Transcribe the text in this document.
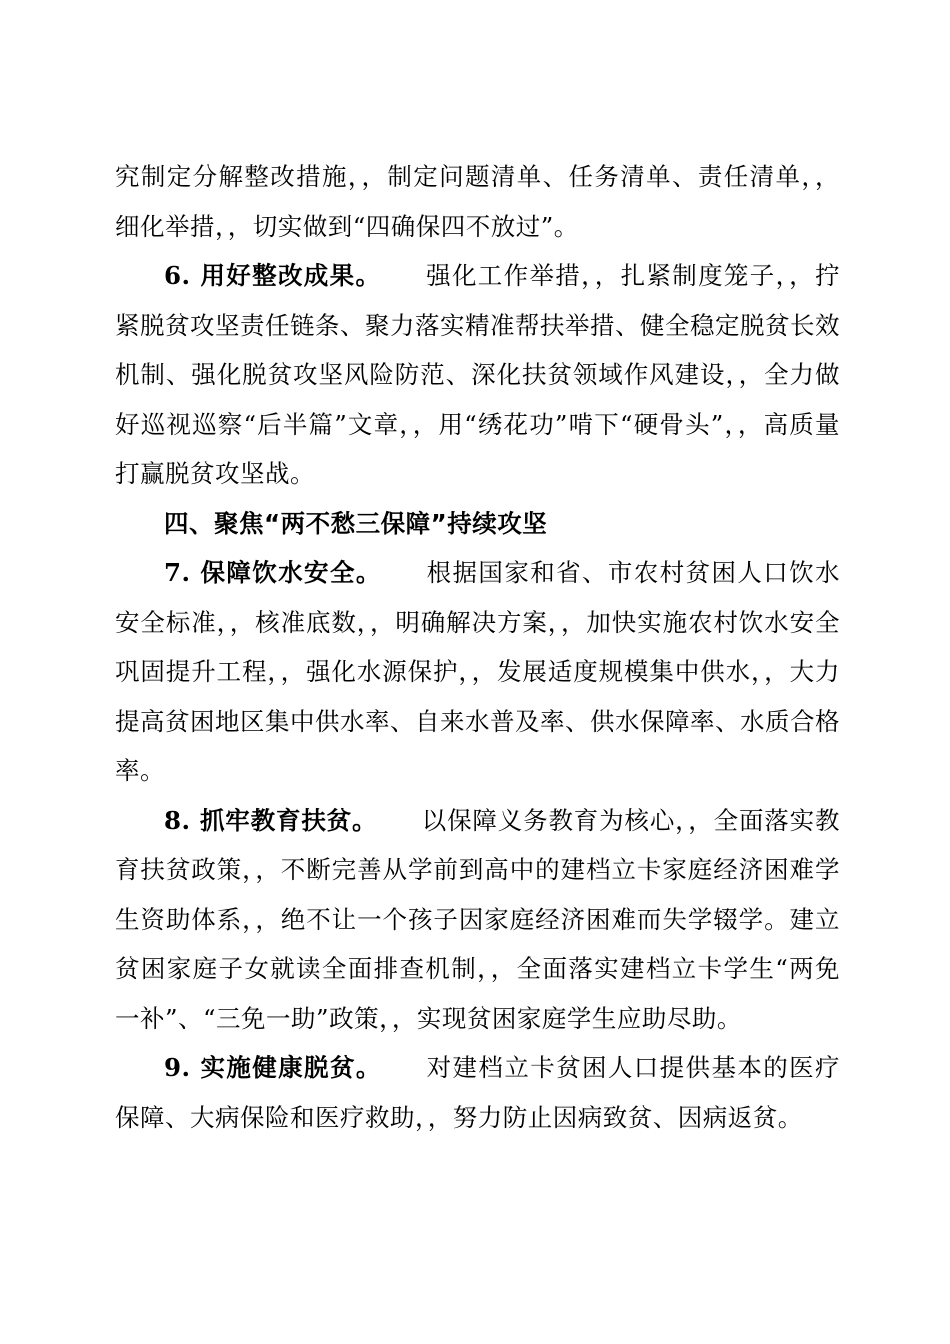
究制定分解整改措施，，制定问题清单、任务清单、责任清单，，细化举措，，切实做到“四确保四不放过”。

6. 用好整改成果。 强化工作举措，，扎紧制度笼子，，拧紧脱贫攻坚责任链条、聚力落实精准帮扶举措、健全稳定脱贫长效机制、强化脱贫攻坚风险防范、深化扶贫领域作风建设，，全力做好巡视巡察“后半篇”文章，，用“绣花功”啃下“硬骨头”，，高质量打赢脱贫攻坚战。

四、聚焦“两不愁三保障”持续攻坚

7. 保障饮水安全。 根据国家和省、市农村贫困人口饮水安全标准，，核准底数，，明确解决方案，，加快实施农村饮水安全巩固提升工程，，强化水源保护，，发展适度规模集中供水，，大力提高贫困地区集中供水率、自来水普及率、供水保障率、水质合格率。

8. 抓牢教育扶贫。 以保障义务教育为核心，，全面落实教育扶贫政策，，不断完善从学前到高中的建档立卡家庭经济困难学生资助体系，，绝不让一个孩子因家庭经济困难而失学辍学。建立贫困家庭子女就读全面排查机制，，全面落实建档立卡学生“两免一补”、“三免一助”政策，，实现贫困家庭学生应助尽助。

9. 实施健康脱贫。 对建档立卡贫困人口提供基本的医疗保障、大病保险和医疗救助，，努力防止因病致贫、因病返贫。
